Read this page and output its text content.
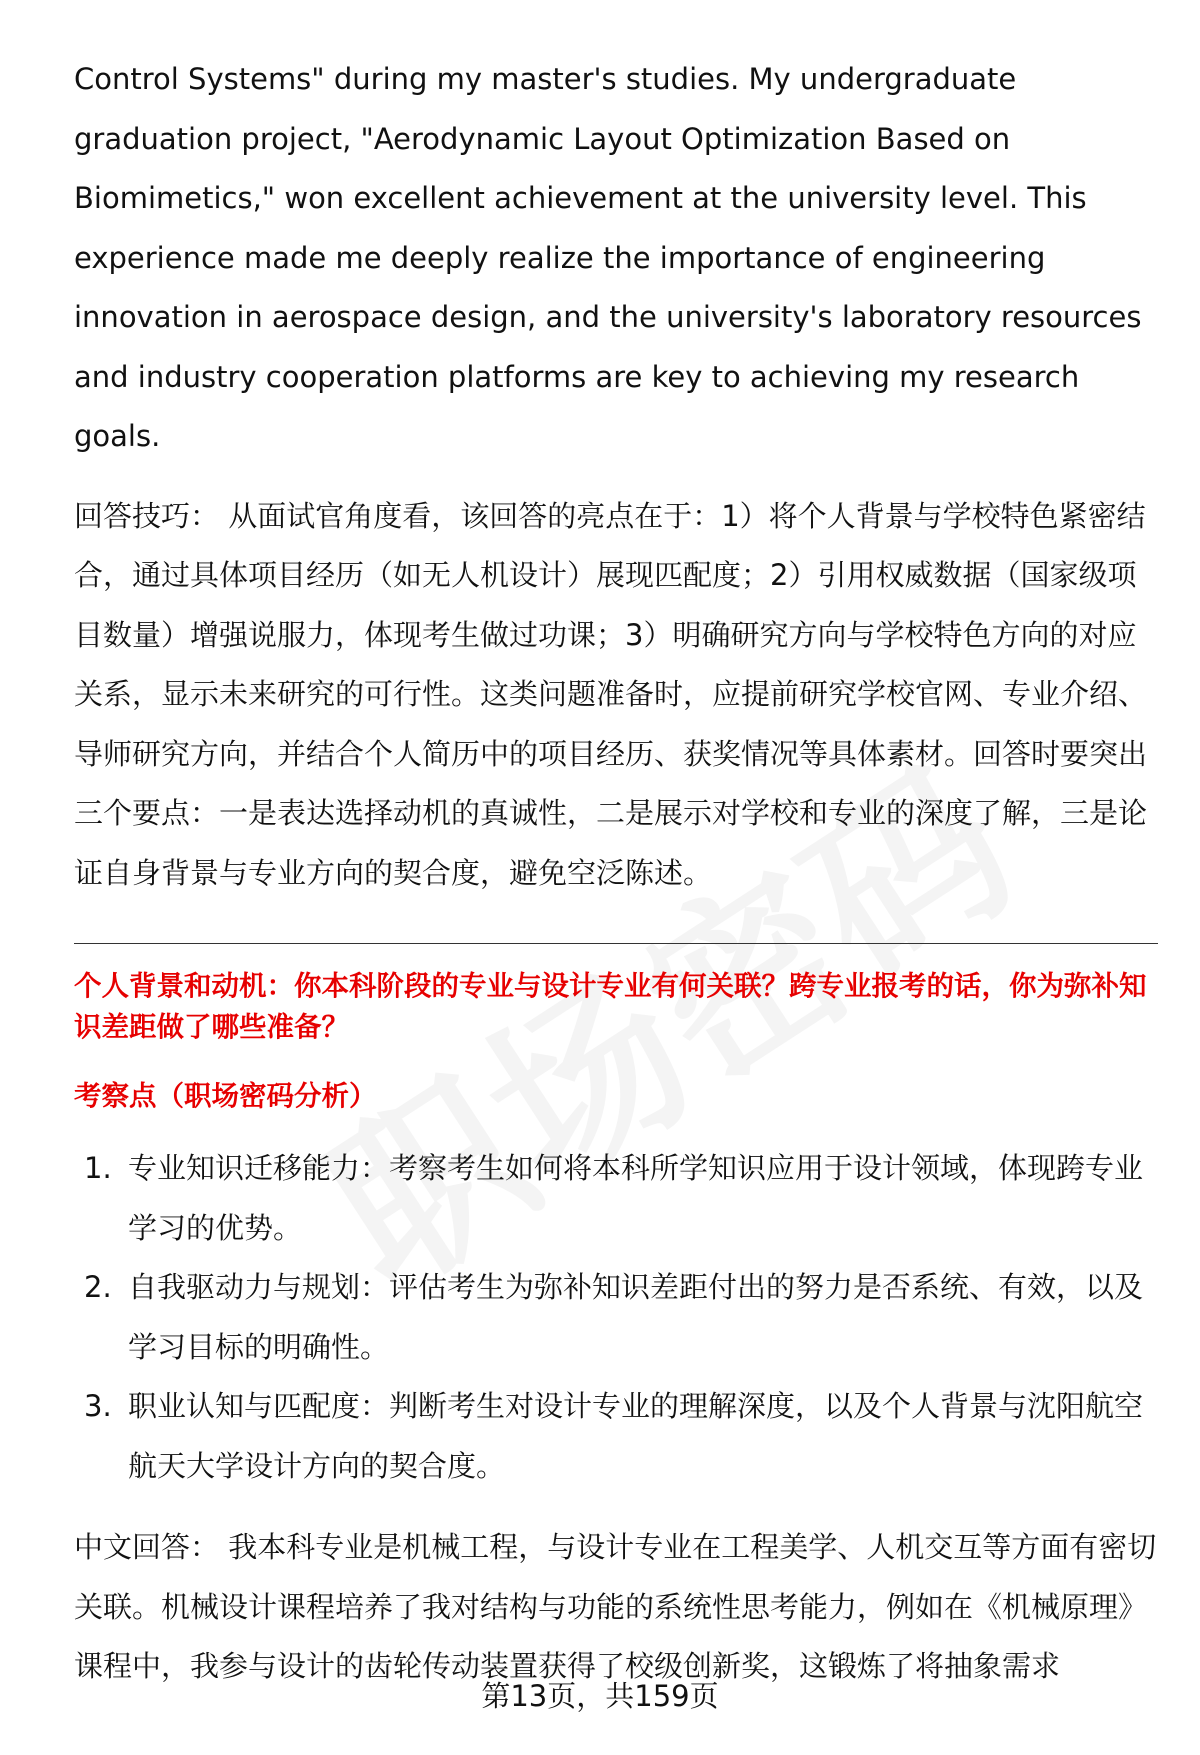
Control Systems" during my master's studies. My undergraduate graduation project, "Aerodynamic Layout Optimization Based on Biomimetics," won excellent achievement at the university level. This experience made me deeply realize the importance of engineering innovation in aerospace design, and the university's laboratory resources and industry cooperation platforms are key to achieving my research goals.

回答技巧： 从面试官角度看，该回答的亮点在于：1）将个人背景与学校特色紧密结合，通过具体项目经历（如无人机设计）展现匹配度；2）引用权威数据（国家级项目数量）增强说服力，体现考生做过功课；3）明确研究方向与学校特色方向的对应关系，显示未来研究的可行性。这类问题准备时，应提前研究学校官网、专业介绍、导师研究方向，并结合个人简历中的项目经历、获奖情况等具体素材。回答时要突出三个要点：一是表达选择动机的真诚性，二是展示对学校和专业的深度了解，三是论证自身背景与专业方向的契合度，避免空泛陈述。

个人背景和动机：你本科阶段的专业与设计专业有何关联？跨专业报考的话，你为弥补知识差距做了哪些准备？

考察点（职场密码分析）

1. 专业知识迁移能力：考察考生如何将本科所学知识应用于设计领域，体现跨专业学习的优势。
2. 自我驱动力与规划：评估考生为弥补知识差距付出的努力是否系统、有效，以及学习目标的明确性。
3. 职业认知与匹配度：判断考生对设计专业的理解深度，以及个人背景与沈阳航空航天大学设计方向的契合度。

中文回答： 我本科专业是机械工程，与设计专业在工程美学、人机交互等方面有密切关联。机械设计课程培养了我对结构与功能的系统性思考能力，例如在《机械原理》课程中，我参与设计的齿轮传动装置获得了校级创新奖，这锻炼了将抽象需求

第13页，共159页
